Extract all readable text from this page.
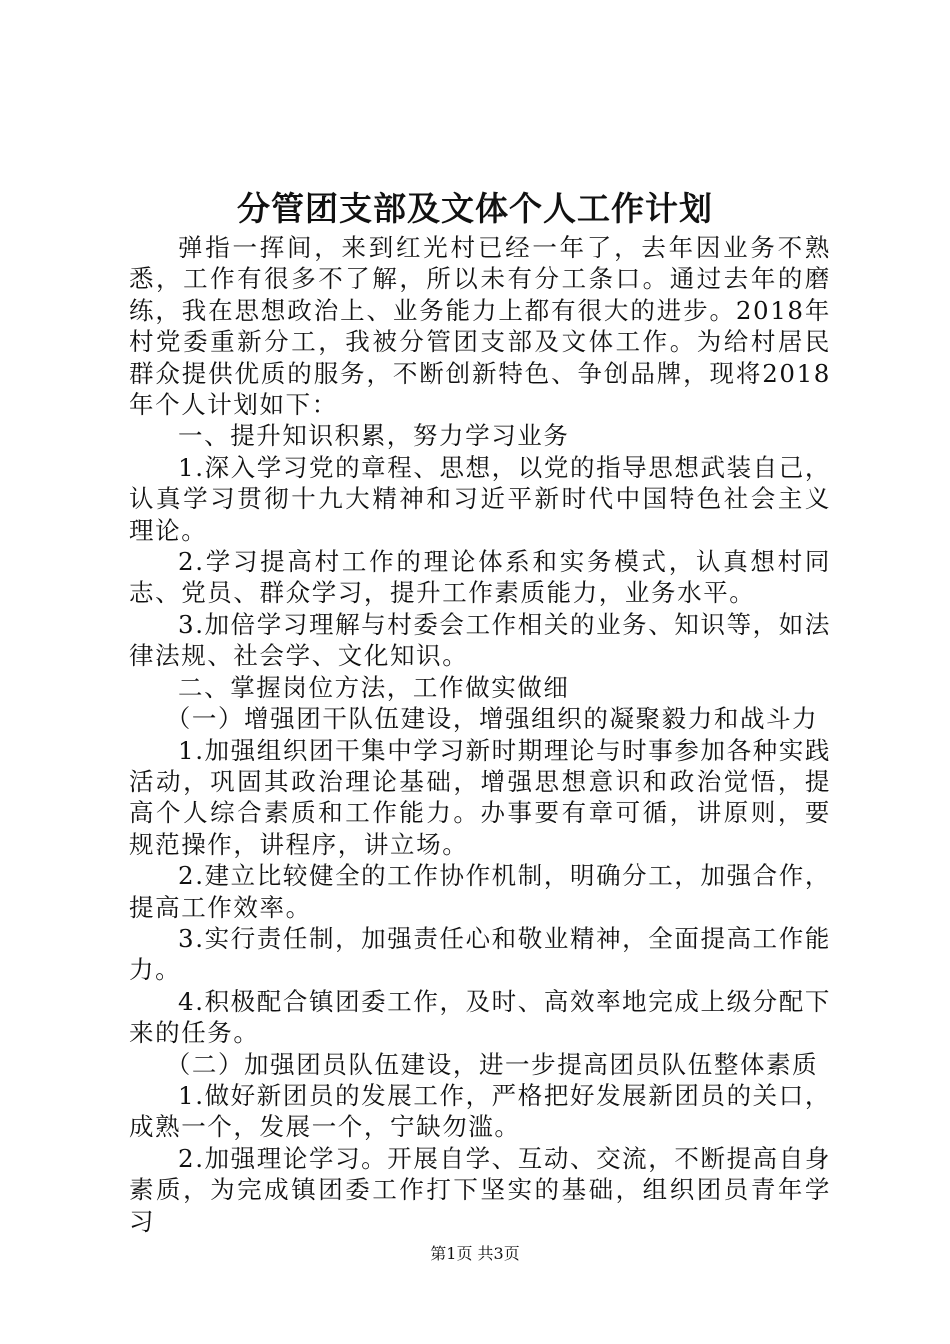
分管团支部及文体个人工作计划

弹指一挥间，来到红光村已经一年了，去年因业务不熟悉，工作有很多不了解，所以未有分工条口。通过去年的磨练，我在思想政治上、业务能力上都有很大的进步。2018年村党委重新分工，我被分管团支部及文体工作。为给村居民群众提供优质的服务，不断创新特色、争创品牌，现将2018年个人计划如下：

一、提升知识积累，努力学习业务

1.深入学习党的章程、思想，以党的指导思想武装自己，认真学习贯彻十九大精神和习近平新时代中国特色社会主义理论。

2.学习提高村工作的理论体系和实务模式，认真想村同志、党员、群众学习，提升工作素质能力，业务水平。

3.加倍学习理解与村委会工作相关的业务、知识等，如法律法规、社会学、文化知识。

二、掌握岗位方法，工作做实做细

（一）增强团干队伍建设，增强组织的凝聚毅力和战斗力

1.加强组织团干集中学习新时期理论与时事参加各种实践活动，巩固其政治理论基础，增强思想意识和政治觉悟，提高个人综合素质和工作能力。办事要有章可循，讲原则，要规范操作，讲程序，讲立场。

2.建立比较健全的工作协作机制，明确分工，加强合作，提高工作效率。

3.实行责任制，加强责任心和敬业精神，全面提高工作能力。

4.积极配合镇团委工作，及时、高效率地完成上级分配下来的任务。

（二）加强团员队伍建设，进一步提高团员队伍整体素质

1.做好新团员的发展工作，严格把好发展新团员的关口，成熟一个，发展一个，宁缺勿滥。

2.加强理论学习。开展自学、互动、交流，不断提高自身素质，为完成镇团委工作打下坚实的基础，组织团员青年学习

第1页 共3页
